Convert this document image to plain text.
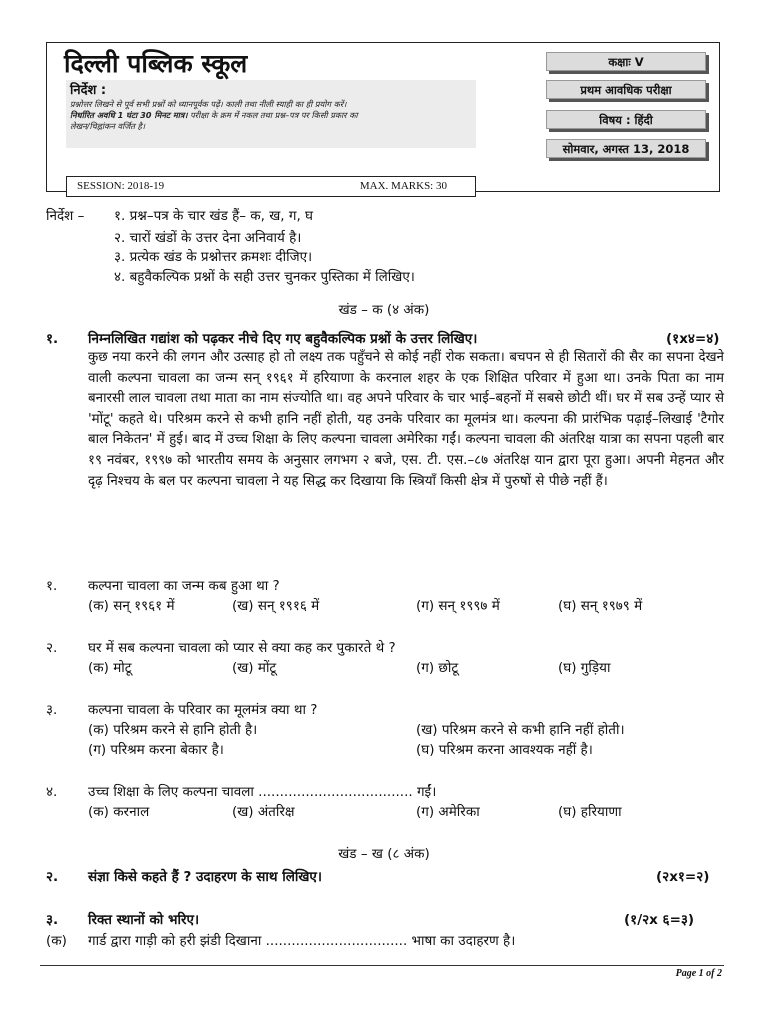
दिल्ली पब्लिक स्कूल
निर्देश :
प्रश्नोत्तर लिखने से पूर्व सभी प्रश्नों को ध्यानपूर्वक पढ़ें। काली तथा नीली स्याही का ही प्रयोग करें।
निर्धारित अवधि 1 घंटा 30 मिनट मात्र। परीक्षा के क्रम में नकल तथा प्रश्न–पत्र पर किसी प्रकार का
लेखन/चिह्नांकन वर्जित है।
कक्षाः V
प्रथम आवधिक परीक्षा
विषय : हिंदी
सोमवार, अगस्त 13, 2018
SESSION: 2018-19	MAX. MARKS: 30
निर्देश – १. प्रश्न–पत्र के चार खंड हैं– क, ख, ग, घ
२. चारों खंडों के उत्तर देना अनिवार्य है।
३. प्रत्येक खंड के प्रश्नोत्तर क्रमशः दीजिए।
४. बहुवैकल्पिक प्रश्नों के सही उत्तर चुनकर पुस्तिका में लिखिए।
खंड – क (४ अंक)
१. निम्नलिखित गद्यांश को पढ़कर नीचे दिए गए बहुवैकल्पिक प्रश्नों के उत्तर लिखिए।	(१x४=४)
कुछ नया करने की लगन और उत्साह हो तो लक्ष्य तक पहुँचने से कोई नहीं रोक सकता। बचपन से ही सितारों की सैर का सपना देखने वाली कल्पना चावला का जन्म सन् १९६१ में हरियाणा के करनाल शहर के एक शिक्षित परिवार में हुआ था। उनके पिता का नाम बनारसी लाल चावला तथा माता का नाम संज्योति था। वह अपने परिवार के चार भाई–बहनों में सबसे छोटी थीं। घर में सब उन्हें प्यार से 'मोंटू' कहते थे। परिश्रम करने से कभी हानि नहीं होती, यह उनके परिवार का मूलमंत्र था। कल्पना की प्रारंभिक पढ़ाई–लिखाई 'टैगोर बाल निकेतन' में हुई। बाद में उच्च शिक्षा के लिए कल्पना चावला अमेरिका गईं। कल्पना चावला की अंतरिक्ष यात्रा का सपना पहली बार १९ नवंबर, १९९७ को भारतीय समय के अनुसार लगभग २ बजे, एस. टी. एस.–८७ अंतरिक्ष यान द्वारा पूरा हुआ। अपनी मेहनत और दृढ़ निश्चय के बल पर कल्पना चावला ने यह सिद्ध कर दिखाया कि स्त्रियाँ किसी क्षेत्र में पुरुषों से पीछे नहीं हैं।
१. कल्पना चावला का जन्म कब हुआ था ?
(क) सन् १९६१ में	(ख) सन् १९१६ में	(ग) सन् १९९७ में	(घ) सन् १९७९ में
२. घर में सब कल्पना चावला को प्यार से क्या कह कर पुकारते थे ?
(क) मोटू	(ख) मोंटू	(ग) छोटू	(घ) गुड़िया
३. कल्पना चावला के परिवार का मूलमंत्र क्या था ?
(क) परिश्रम करने से हानि होती है।	(ख) परिश्रम करने से कभी हानि नहीं होती।
(ग) परिश्रम करना बेकार है।	(घ) परिश्रम करना आवश्यक नहीं है।
४. उच्च शिक्षा के लिए कल्पना चावला .................................... गईं।
(क) करनाल	(ख) अंतरिक्ष	(ग) अमेरिका	(घ) हरियाणा
खंड – ख (८ अंक)
२. संज्ञा किसे कहते हैं ? उदाहरण के साथ लिखिए।	(२x१=२)
३. रिक्त स्थानों को भरिए।	(१/२x ६=३)
(क) गार्ड द्वारा गाड़ी को हरी झंडी दिखाना ................................. भाषा का उदाहरण है।
Page 1 of 2
